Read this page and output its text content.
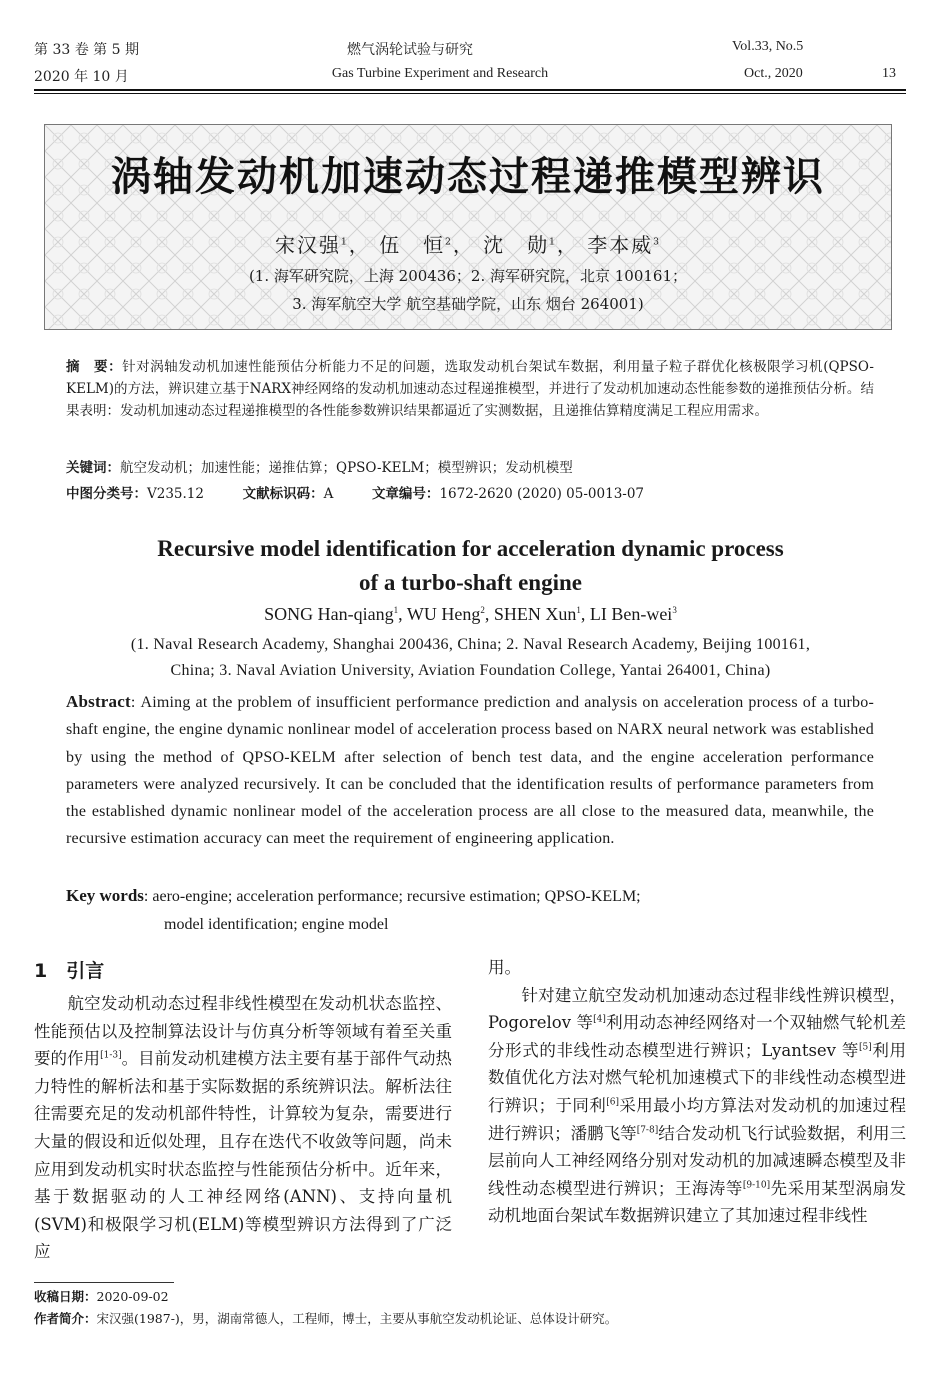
第 33 卷 第 5 期
2020 年 10 月
燃气涡轮试验与研究
Gas Turbine Experiment and Research
Vol.33, No.5
Oct., 2020	13
涡轴发动机加速动态过程递推模型辨识
宋汉强$^1$， 伍　恒$^2$， 沈　勋$^1$， 李本威$^3$
(1. 海军研究院，上海 200436；2. 海军研究院，北京 100161；
3. 海军航空大学 航空基础学院，山东 烟台 264001)
摘　要：针对涡轴发动机加速性能预估分析能力不足的问题，选取发动机台架试车数据，利用量子粒子群优化核极限学习机(QPSO-KELM)的方法，辨识建立基于NARX神经网络的发动机加速动态过程递推模型，并进行了发动机加速动态性能参数的递推预估分析。结果表明：发动机加速动态过程递推模型的各性能参数辨识结果都逼近了实测数据，且递推估算精度满足工程应用需求。
关键词：航空发动机；加速性能；递推估算；QPSO-KELM；模型辨识；发动机模型
中图分类号：V235.12	文献标识码：A	文章编号：1672-2620 (2020) 05-0013-07
Recursive model identification for acceleration dynamic process
of a turbo-shaft engine
SONG Han-qiang$^1$, WU Heng$^2$, SHEN Xun$^1$, LI Ben-wei$^3$
(1. Naval Research Academy, Shanghai 200436, China; 2. Naval Research Academy, Beijing 100161,
China; 3. Naval Aviation University, Aviation Foundation College, Yantai 264001, China)
Abstract: Aiming at the problem of insufficient performance prediction and analysis on acceleration process of a turbo-shaft engine, the engine dynamic nonlinear model of acceleration process based on NARX neural network was established by using the method of QPSO-KELM after selection of bench test data, and the engine acceleration performance parameters were analyzed recursively. It can be concluded that the identification results of performance parameters from the established dynamic nonlinear model of the acceleration process are all close to the measured data, meanwhile, the recursive estimation accuracy can meet the requirement of engineering application.
Key words: aero-engine; acceleration performance; recursive estimation; QPSO-KELM;
model identification; engine model
1　引言
　　航空发动机动态过程非线性模型在发动机状态监控、性能预估以及控制算法设计与仿真分析等领域有着至关重要的作用[1-3]。目前发动机建模方法主要有基于部件气动热力特性的解析法和基于实际数据的系统辨识法。解析法往往需要充足的发动机部件特性，计算较为复杂，需要进行大量的假设和近似处理，且存在迭代不收敛等问题，尚未应用到发动机实时状态监控与性能预估分析中。近年来，基于数据驱动的人工神经网络(ANN)、支持向量机(SVM)和极限学习机(ELM)等模型辨识方法得到了广泛应
用。
　　针对建立航空发动机加速动态过程非线性辨识模型，Pogorelov 等[4]利用动态神经网络对一个双轴燃气轮机差分形式的非线性动态模型进行辨识；Lyantsev 等[5]利用数值优化方法对燃气轮机加速模式下的非线性动态模型进行辨识；于同利[6]采用最小均方算法对发动机的加速过程进行辨识；潘鹏飞等[7-8]结合发动机飞行试验数据，利用三层前向人工神经网络分别对发动机的加减速瞬态模型及非线性动态模型进行辨识；王海涛等[9-10]先采用某型涡扇发动机地面台架试车数据辨识建立了其加速过程非线性
收稿日期：2020-09-02
作者简介：宋汉强(1987-)，男，湖南常德人，工程师，博士，主要从事航空发动机论证、总体设计研究。
